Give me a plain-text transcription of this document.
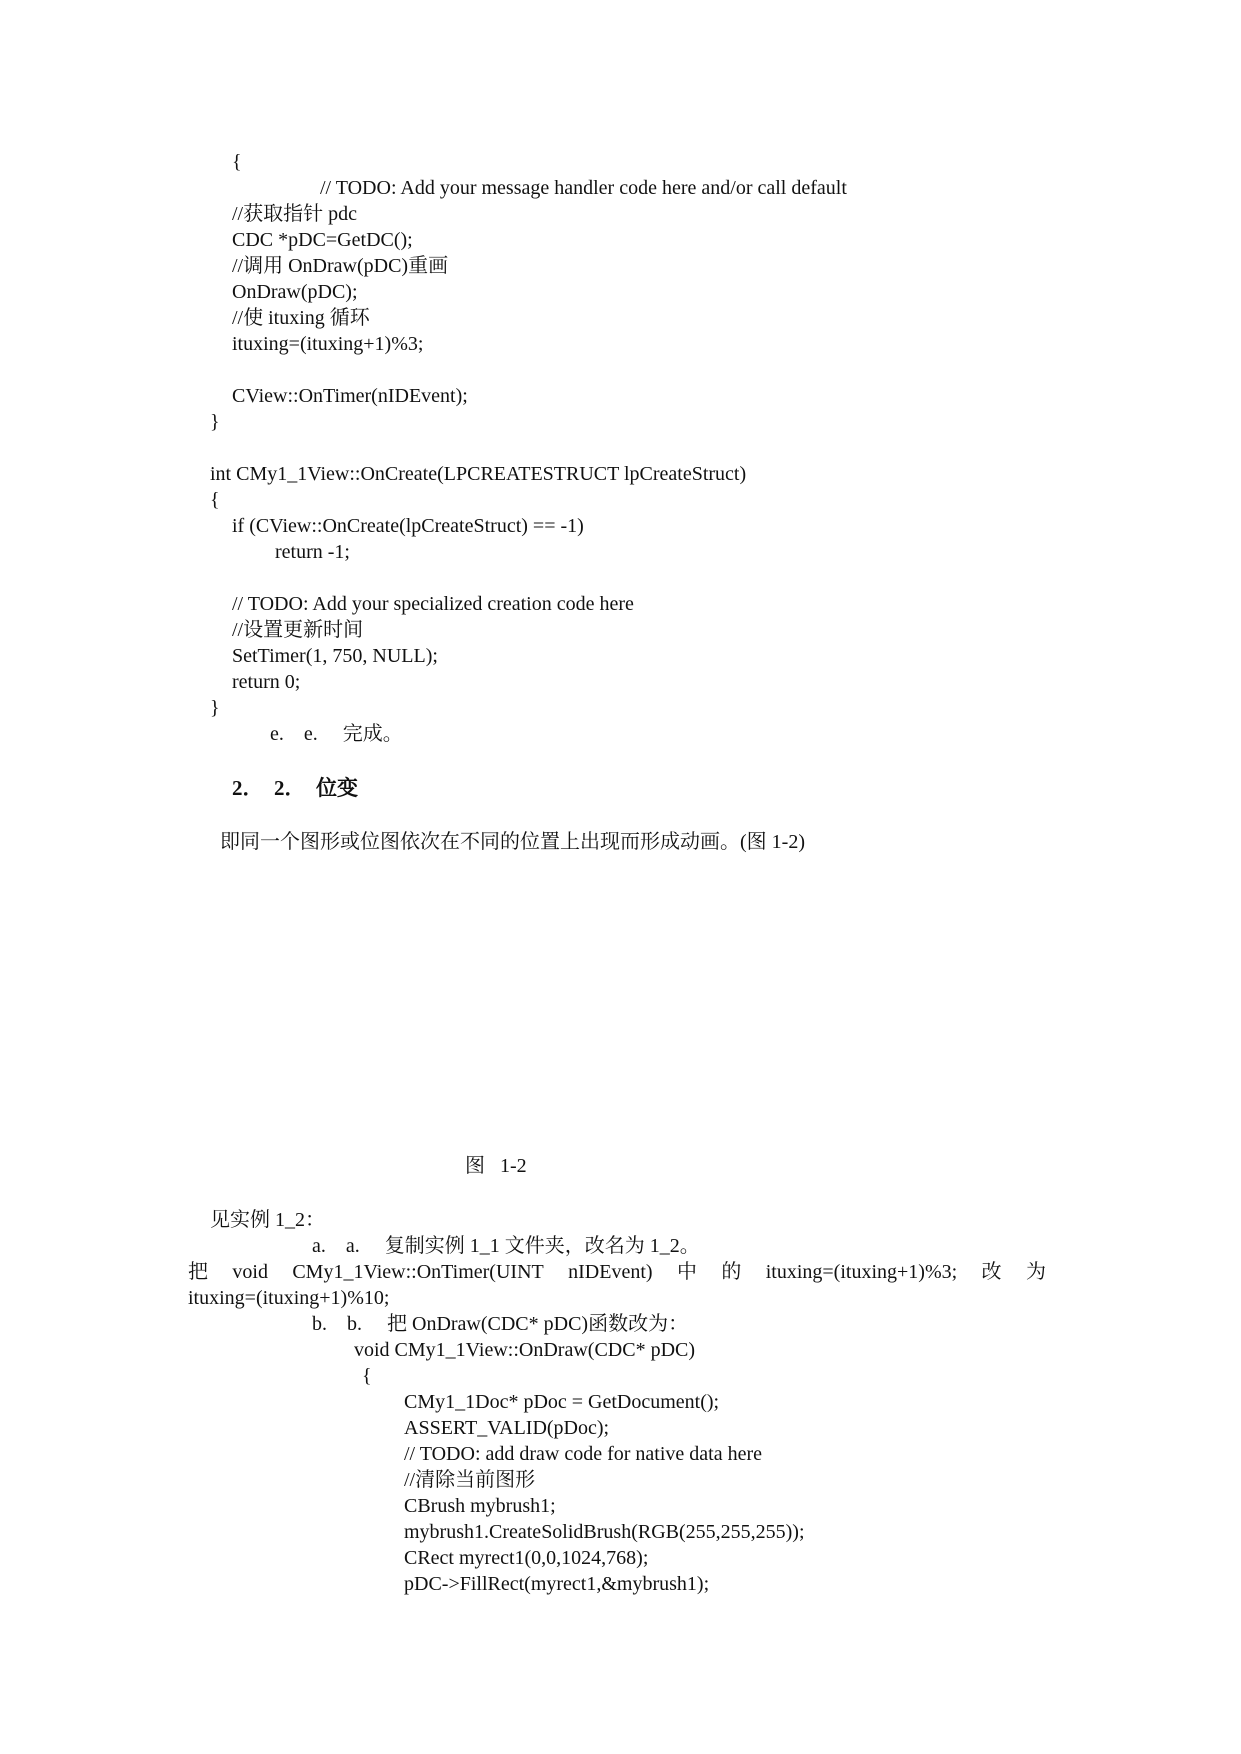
{
// TODO: Add your message handler code here and/or call default
//获取指针 pdc
CDC *pDC=GetDC();
//调用 OnDraw(pDC)重画
OnDraw(pDC);
//使 ituxing 循环
ituxing=(ituxing+1)%3;
CView::OnTimer(nIDEvent);
}
int CMy1_1View::OnCreate(LPCREATESTRUCT lpCreateStruct)
{
if (CView::OnCreate(lpCreateStruct) == -1)
return -1;
// TODO: Add your specialized creation code here
//设置更新时间
SetTimer(1, 750, NULL);
return 0;
}
e.    e.     完成。
2．  2．  位变
即同一个图形或位图依次在不同的位置上出现而形成动画。(图 1-2)
图   1-2
见实例 1_2：
a.    a.     复制实例 1_1 文件夹，改名为 1_2。
把 void CMy1_1View::OnTimer(UINT nIDEvent) 中 的 ituxing=(ituxing+1)%3; 改 为
ituxing=(ituxing+1)%10;
b.    b.     把 OnDraw(CDC* pDC)函数改为：
void CMy1_1View::OnDraw(CDC* pDC)
{
CMy1_1Doc* pDoc = GetDocument();
ASSERT_VALID(pDoc);
// TODO: add draw code for native data here
//清除当前图形
CBrush mybrush1;
mybrush1.CreateSolidBrush(RGB(255,255,255));
CRect myrect1(0,0,1024,768);
pDC->FillRect(myrect1,&mybrush1);
